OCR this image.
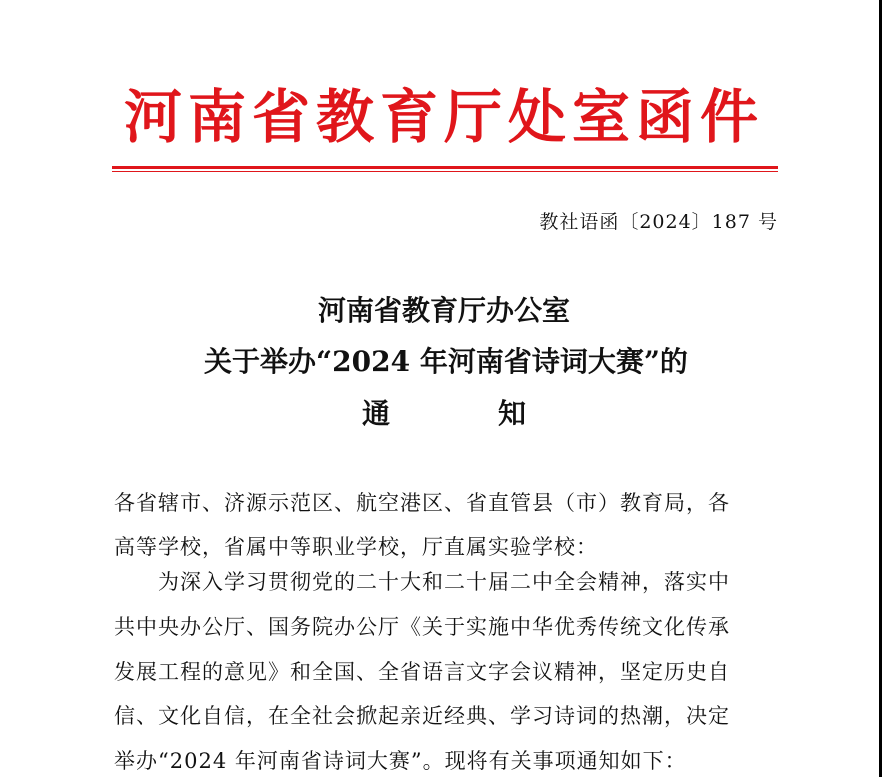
河南省教育厅处室函件
教社语函〔2024〕187 号
河南省教育厅办公室
关于举办“2024 年河南省诗词大赛”的
通	知
各省辖市、济源示范区、航空港区、省直管县（市）教育局，各
高等学校，省属中等职业学校，厅直属实验学校：
为深入学习贯彻党的二十大和二十届二中全会精神，落实中
共中央办公厅、国务院办公厅《关于实施中华优秀传统文化传承
发展工程的意见》和全国、全省语言文字会议精神，坚定历史自
信、文化自信，在全社会掀起亲近经典、学习诗词的热潮，决定
举办“2024 年河南省诗词大赛”。现将有关事项通知如下：
